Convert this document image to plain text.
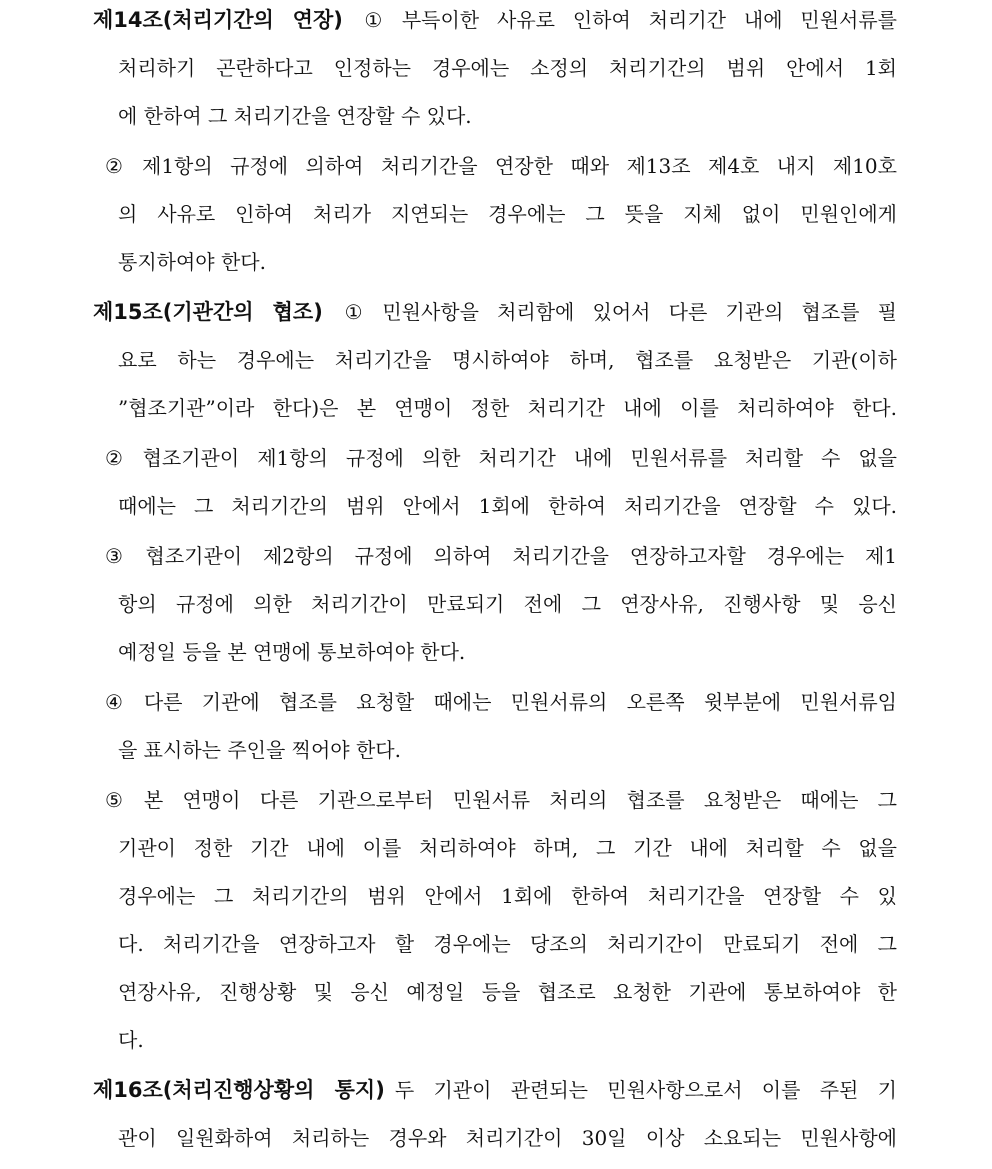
제14조(처리기간의 연장) ① 부득이한 사유로 인하여 처리기간 내에 민원서류를
처리하기 곤란하다고 인정하는 경우에는 소정의 처리기간의 범위 안에서 1회
에 한하여 그 처리기간을 연장할 수 있다.
② 제1항의 규정에 의하여 처리기간을 연장한 때와 제13조 제4호 내지 제10호
의 사유로 인하여 처리가 지연되는 경우에는 그 뜻을 지체 없이 민원인에게
통지하여야 한다.
제15조(기관간의 협조) ① 민원사항을 처리함에 있어서 다른 기관의 협조를 필
요로 하는 경우에는 처리기간을 명시하여야 하며, 협조를 요청받은 기관(이하
”협조기관”이라 한다)은 본 연맹이 정한 처리기간 내에 이를 처리하여야 한다.
② 협조기관이 제1항의 규정에 의한 처리기간 내에 민원서류를 처리할 수 없을
때에는 그 처리기간의 범위 안에서 1회에 한하여 처리기간을 연장할 수 있다.
③ 협조기관이 제2항의 규정에 의하여 처리기간을 연장하고자할 경우에는 제1
항의 규정에 의한 처리기간이 만료되기 전에 그 연장사유, 진행사항 및 응신
예정일 등을 본 연맹에 통보하여야 한다.
④ 다른 기관에 협조를 요청할 때에는 민원서류의 오른쪽 윗부분에 민원서류임
을 표시하는 주인을 찍어야 한다.
⑤ 본 연맹이 다른 기관으로부터 민원서류 처리의 협조를 요청받은 때에는 그
기관이 정한 기간 내에 이를 처리하여야 하며, 그 기간 내에 처리할 수 없을
경우에는 그 처리기간의 범위 안에서 1회에 한하여 처리기간을 연장할 수 있
다. 처리기간을 연장하고자 할 경우에는 당조의 처리기간이 만료되기 전에 그
연장사유, 진행상황 및 응신 예정일 등을 협조로 요청한 기관에 통보하여야 한
다.
제16조(처리진행상황의 통지) 두 기관이 관련되는 민원사항으로서 이를 주된 기
관이 일원화하여 처리하는 경우와 처리기간이 30일 이상 소요되는 민원사항에
